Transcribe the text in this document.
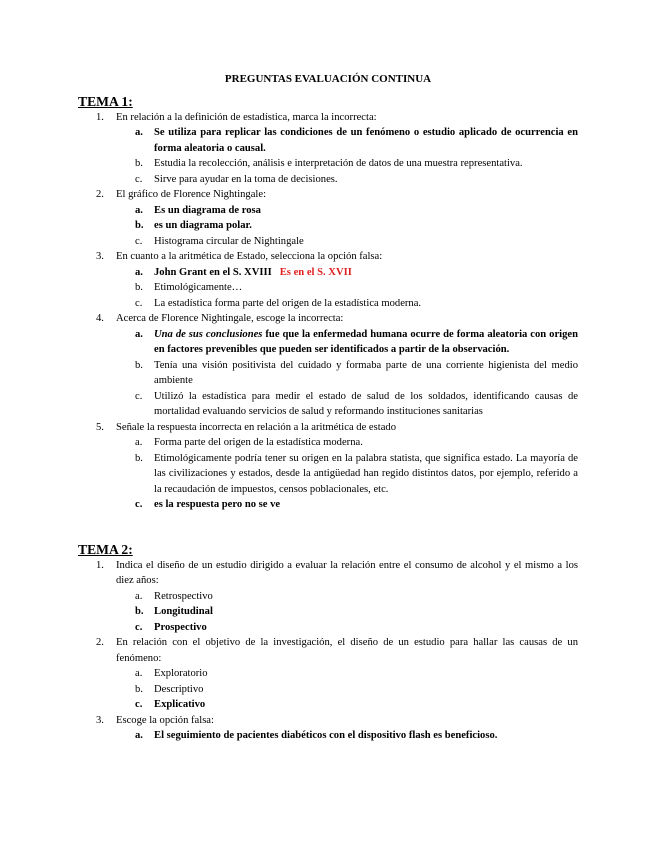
PREGUNTAS EVALUACIÓN CONTINUA
TEMA 1:
1. En relación a la definición de estadística, marca la incorrecta:
a. Se utiliza para replicar las condiciones de un fenómeno o estudio aplicado de ocurrencia en forma aleatoria o causal.
b. Estudia la recolección, análisis e interpretación de datos de una muestra representativa.
c. Sirve para ayudar en la toma de decisiones.
2. El gráfico de Florence Nightingale:
a. Es un diagrama de rosa
b. es un diagrama polar.
c. Histograma circular de Nightingale
3. En cuanto a la aritmética de Estado, selecciona la opción falsa:
a. John Grant en el S. XVIII Es en el S. XVII
b. Etimológicamente…
c. La estadística forma parte del origen de la estadística moderna.
4. Acerca de Florence Nightingale, escoge la incorrecta:
a. Una de sus conclusiones fue que la enfermedad humana ocurre de forma aleatoria con origen en factores prevenibles que pueden ser identificados a partir de la observación.
b. Tenía una visión positivista del cuidado y formaba parte de una corriente higienista del medio ambiente
c. Utilizó la estadística para medir el estado de salud de los soldados, identificando causas de mortalidad evaluando servicios de salud y reformando instituciones sanitarias
5. Señale la respuesta incorrecta en relación a la aritmética de estado
a. Forma parte del origen de la estadística moderna.
b. Etimológicamente podría tener su origen en la palabra statista, que significa estado. La mayoría de las civilizaciones y estados, desde la antigüedad han regido distintos datos, por ejemplo, referido a la recaudación de impuestos, censos poblacionales, etc.
c. es la respuesta pero no se ve
TEMA 2:
1. Indica el diseño de un estudio dirigido a evaluar la relación entre el consumo de alcohol y el mismo a los diez años:
a. Retrospectivo
b. Longitudinal
c. Prospectivo
2. En relación con el objetivo de la investigación, el diseño de un estudio para hallar las causas de un fenómeno:
a. Exploratorio
b. Descriptivo
c. Explicativo
3. Escoge la opción falsa:
a. El seguimiento de pacientes diabéticos con el dispositivo flash es beneficioso.
